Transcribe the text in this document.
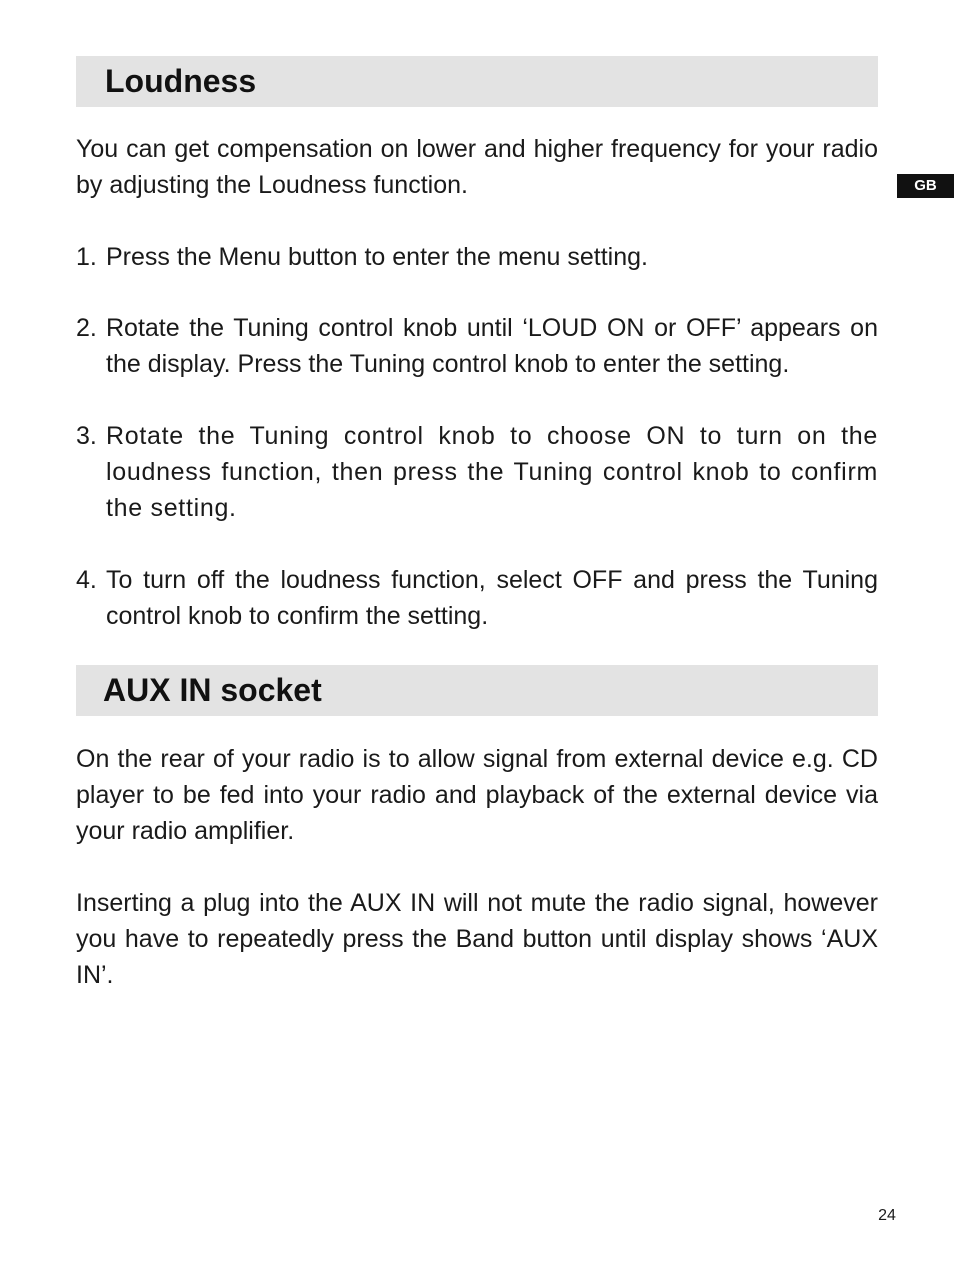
Loudness

You can get compensation on lower and higher frequency for your radio by adjusting the Loudness function.

1. Press the Menu button to enter the menu setting.
2. Rotate the Tuning control knob until ‘LOUD ON or OFF’ appears on the display. Press the Tuning control knob to enter the setting.
3. Rotate the Tuning control knob to choose ON to turn on the loudness function, then press the Tuning control knob to confirm the setting.
4. To turn off the loudness function, select OFF and press the Tuning control knob to confirm the setting.
AUX IN socket

On the rear of your radio is to allow signal from external device e.g. CD player to be fed into your radio and playback of the external device via your radio amplifier.

Inserting a plug into the AUX IN will not mute the radio signal, however you have to repeatedly press the Band button until display shows ‘AUX IN’.

GB
24
